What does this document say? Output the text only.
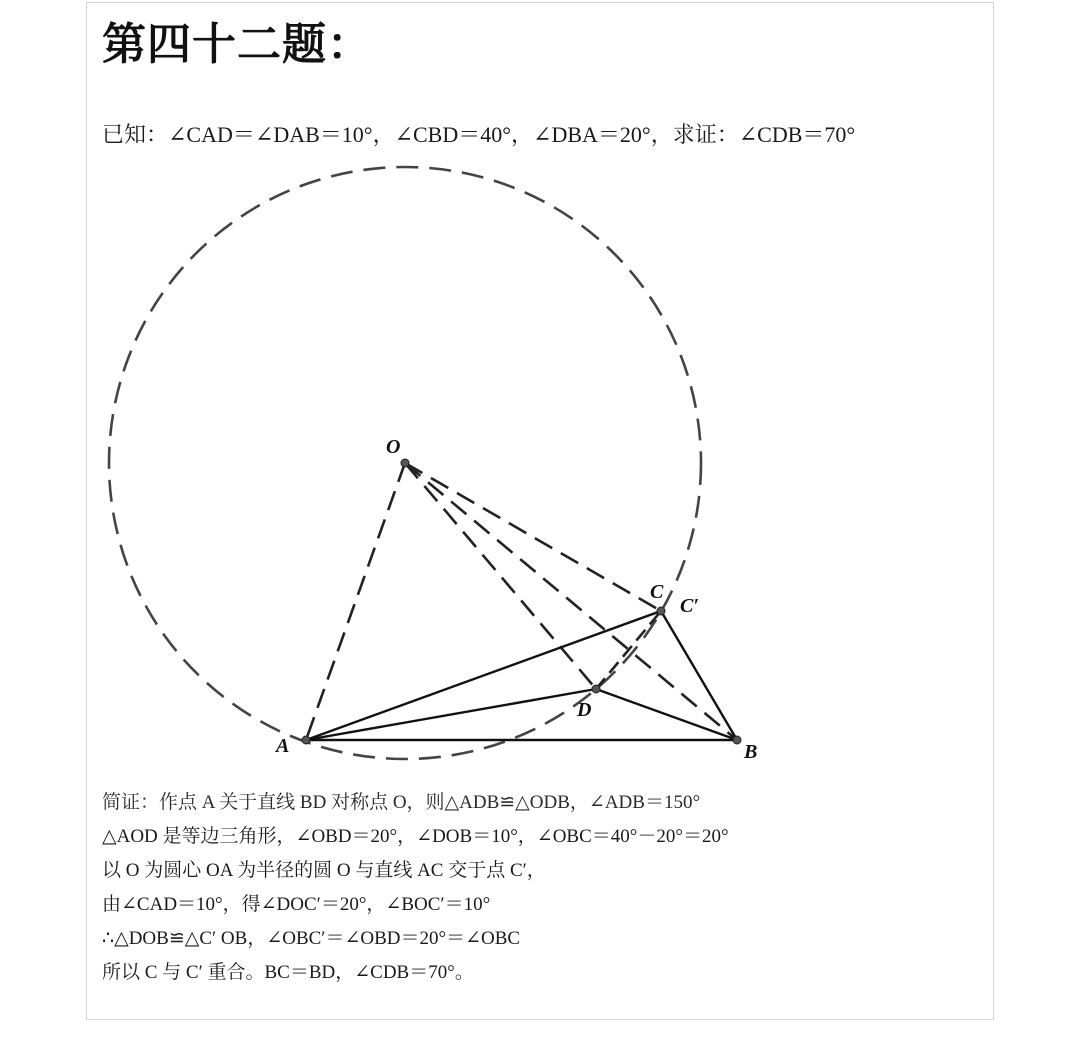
第四十二题：
已知：∠CAD＝∠DAB＝10°，∠CBD＝40°，∠DBA＝20°，求证：∠CDB＝70°
O
C
C′
D
A	B
简证：作点 A 关于直线 BD 对称点 O，则△ADB≌△ODB，∠ADB＝150°
△AOD 是等边三角形，∠OBD＝20°，∠DOB＝10°，∠OBC＝40°－20°＝20°
以 O 为圆心 OA 为半径的圆 O 与直线 AC 交于点 C′，
由∠CAD＝10°，得∠DOC′＝20°，∠BOC′＝10°
∴△DOB≌△C′ OB，∠OBC′＝∠OBD＝20°＝∠OBC
所以 C 与 C′ 重合。BC＝BD，∠CDB＝70°。
